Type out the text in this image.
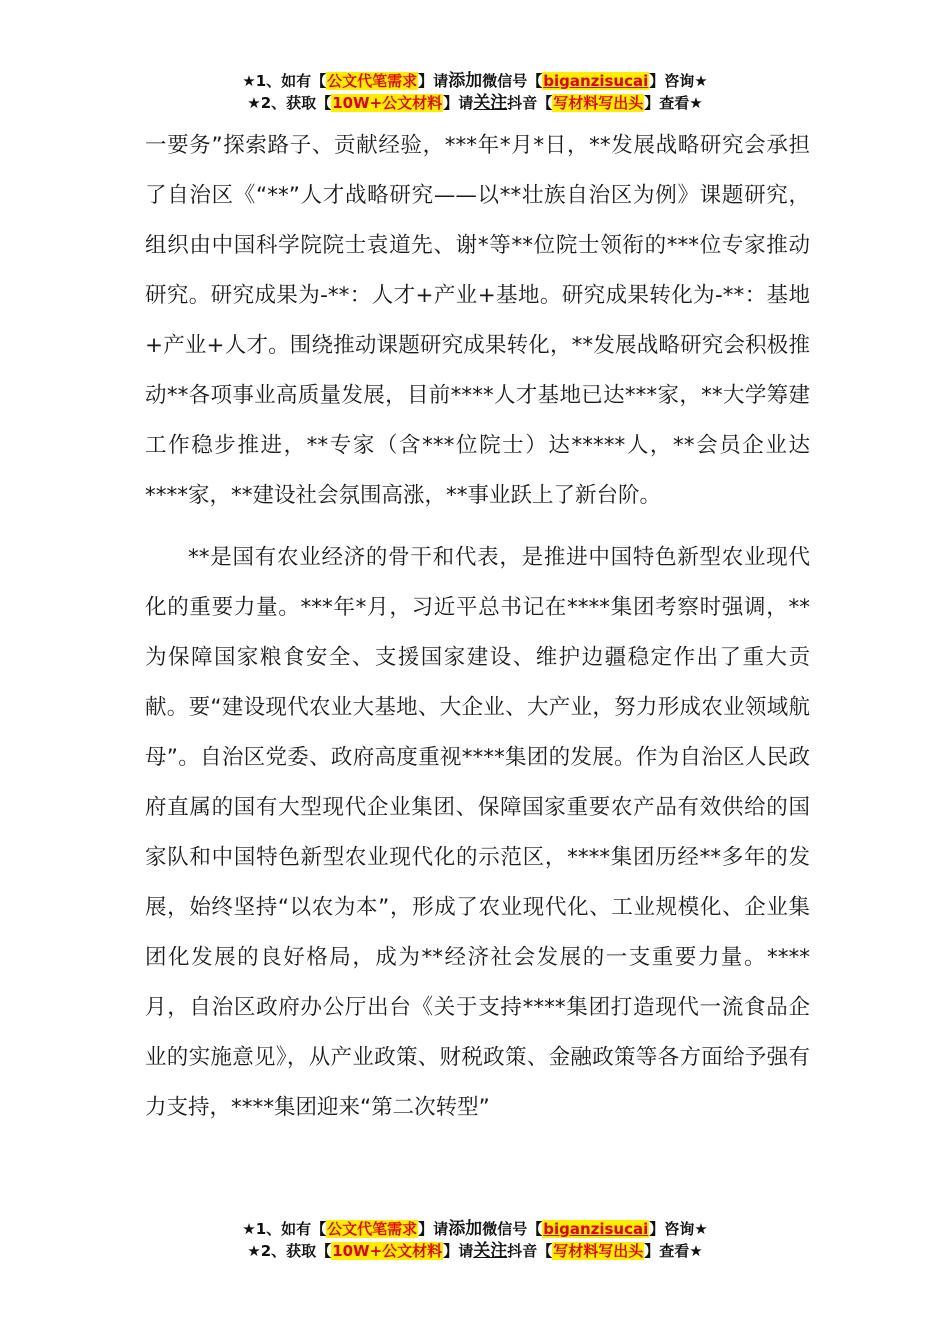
★1、如有【公文代笔需求】请添加微信号【biganzisucai】咨询★
★2、获取【10W+公文材料】请关注抖音【写材料写出头】查看★

一要务”探索路子、贡献经验，***年*月*日，**发展战略研究会承担了自治区《“**”人才战略研究——以**壮族自治区为例》课题研究，组织由中国科学院院士袁道先、谢*等**位院士领衔的***位专家推动研究。研究成果为-**：人才+产业+基地。研究成果转化为-**：基地+产业+人才。围绕推动课题研究成果转化，**发展战略研究会积极推动**各项事业高质量发展，目前****人才基地已达***家，**大学筹建工作稳步推进，**专家（含***位院士）达*****人，**会员企业达****家，**建设社会氛围高涨，**事业跃上了新台阶。

**是国有农业经济的骨干和代表，是推进中国特色新型农业现代化的重要力量。***年*月，习近平总书记在****集团考察时强调，**为保障国家粮食安全、支援国家建设、维护边疆稳定作出了重大贡献。要“建设现代农业大基地、大企业、大产业，努力形成农业领域航母”。自治区党委、政府高度重视****集团的发展。作为自治区人民政府直属的国有大型现代企业集团、保障国家重要农产品有效供给的国家队和中国特色新型农业现代化的示范区，****集团历经**多年的发展，始终坚持“以农为本”，形成了农业现代化、工业规模化、企业集团化发展的良好格局，成为**经济社会发展的一支重要力量。****月，自治区政府办公厅出台《关于支持****集团打造现代一流食品企业的实施意见》，从产业政策、财税政策、金融政策等各方面给予强有力支持，****集团迎来“第二次转型”

★1、如有【公文代笔需求】请添加微信号【biganzisucai】咨询★
★2、获取【10W+公文材料】请关注抖音【写材料写出头】查看★
